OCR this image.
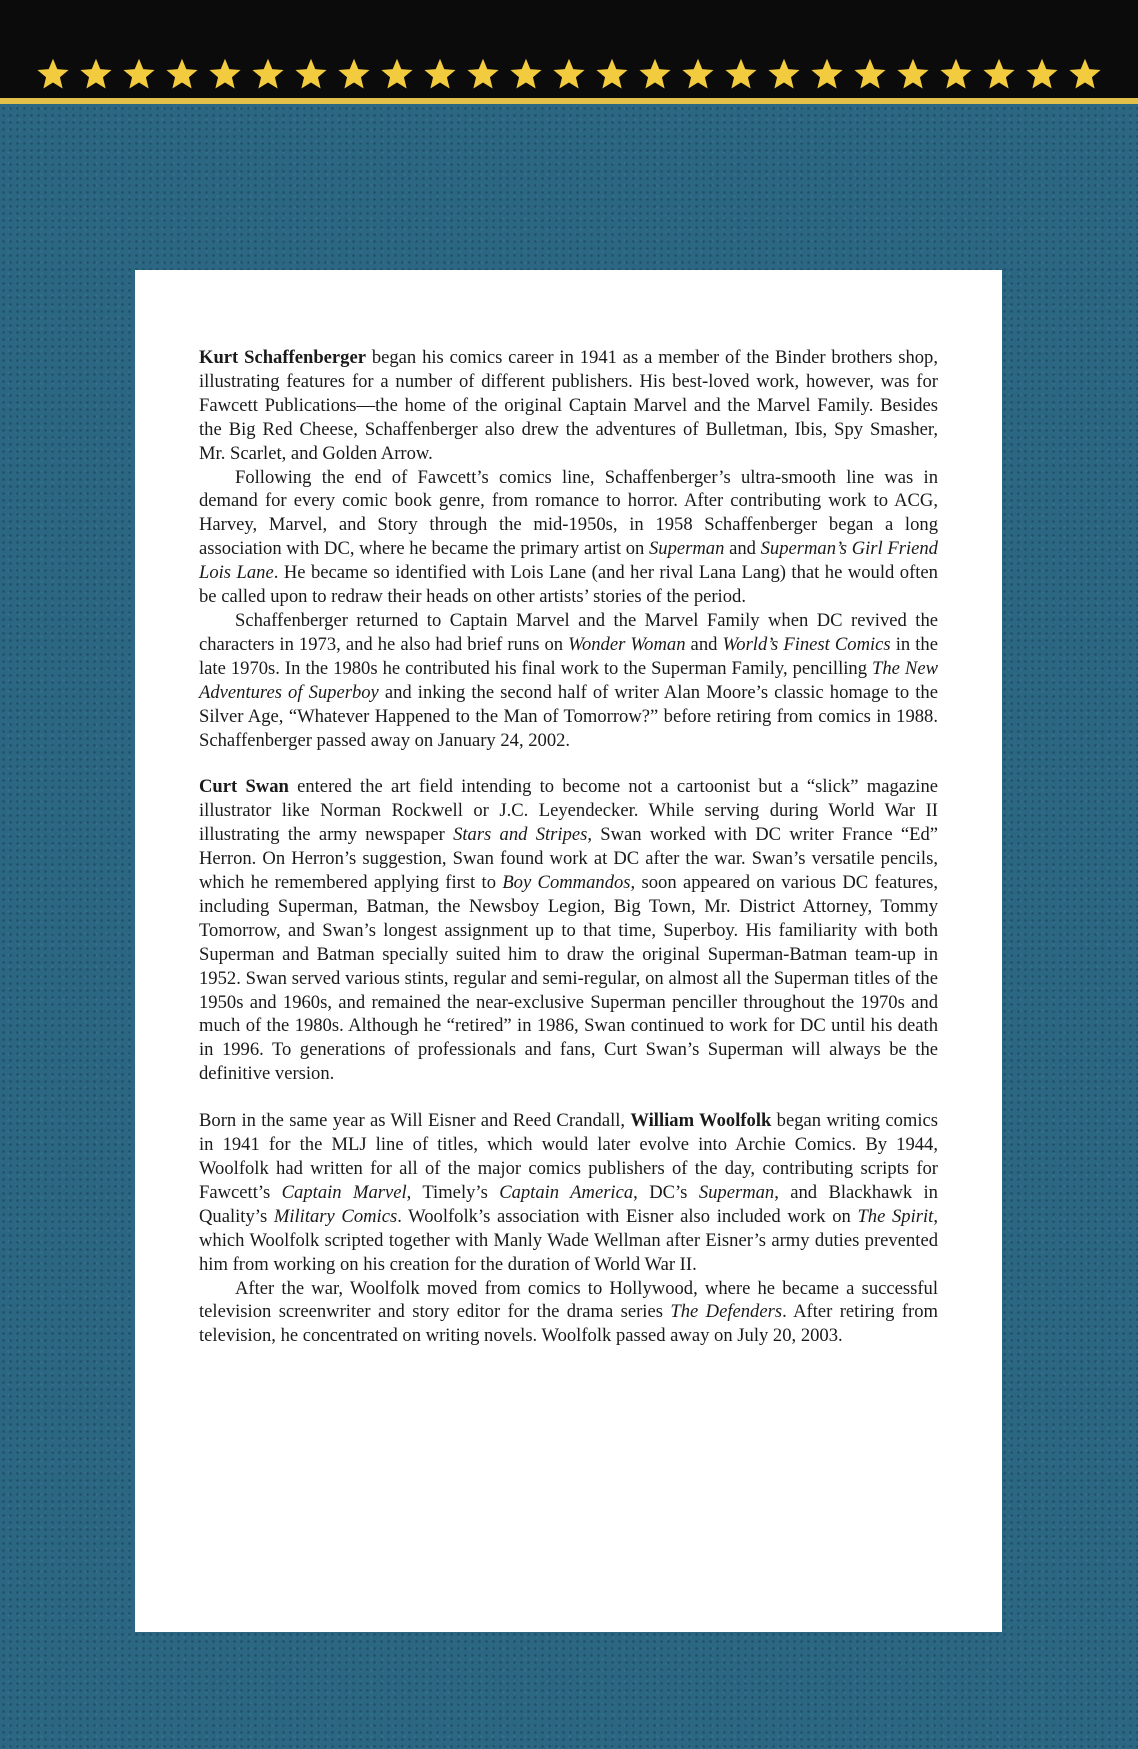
Kurt Schaffenberger began his comics career in 1941 as a member of the Binder brothers shop, illustrating features for a number of different publishers. His best-loved work, however, was for Fawcett Publications—the home of the original Captain Marvel and the Marvel Family. Besides the Big Red Cheese, Schaffenberger also drew the adventures of Bulletman, Ibis, Spy Smasher, Mr. Scarlet, and Golden Arrow.

Following the end of Fawcett’s comics line, Schaffenberger’s ultra-smooth line was in demand for every comic book genre, from romance to horror. After contributing work to ACG, Harvey, Marvel, and Story through the mid-1950s, in 1958 Schaffenberger began a long association with DC, where he became the primary artist on Superman and Superman’s Girl Friend Lois Lane. He became so identified with Lois Lane (and her rival Lana Lang) that he would often be called upon to redraw their heads on other artists’ stories of the period.

Schaffenberger returned to Captain Marvel and the Marvel Family when DC revived the characters in 1973, and he also had brief runs on Wonder Woman and World’s Finest Comics in the late 1970s. In the 1980s he contributed his final work to the Superman Family, pencilling The New Adventures of Superboy and inking the second half of writer Alan Moore’s classic homage to the Silver Age, “Whatever Happened to the Man of Tomorrow?” before retiring from comics in 1988. Schaffenberger passed away on January 24, 2002.

Curt Swan entered the art field intending to become not a cartoonist but a “slick” magazine illustrator like Norman Rockwell or J.C. Leyendecker. While serving during World War II illustrating the army newspaper Stars and Stripes, Swan worked with DC writer France “Ed” Herron. On Herron’s suggestion, Swan found work at DC after the war. Swan’s versatile pencils, which he remembered applying first to Boy Commandos, soon appeared on various DC features, including Superman, Batman, the Newsboy Legion, Big Town, Mr. District Attorney, Tommy Tomorrow, and Swan’s longest assignment up to that time, Superboy. His familiarity with both Superman and Batman specially suited him to draw the original Superman-Batman team-up in 1952. Swan served various stints, regular and semi-regular, on almost all the Superman titles of the 1950s and 1960s, and remained the near-exclusive Superman penciller throughout the 1970s and much of the 1980s. Although he “retired” in 1986, Swan continued to work for DC until his death in 1996. To generations of professionals and fans, Curt Swan’s Superman will always be the definitive version.

Born in the same year as Will Eisner and Reed Crandall, William Woolfolk began writing comics in 1941 for the MLJ line of titles, which would later evolve into Archie Comics. By 1944, Woolfolk had written for all of the major comics publishers of the day, contributing scripts for Fawcett’s Captain Marvel, Timely’s Captain America, DC’s Superman, and Blackhawk in Quality’s Military Comics. Woolfolk’s association with Eisner also included work on The Spirit, which Woolfolk scripted together with Manly Wade Wellman after Eisner’s army duties prevented him from working on his creation for the duration of World War II.

After the war, Woolfolk moved from comics to Hollywood, where he became a successful television screenwriter and story editor for the drama series The Defenders. After retiring from television, he concentrated on writing novels. Woolfolk passed away on July 20, 2003.
